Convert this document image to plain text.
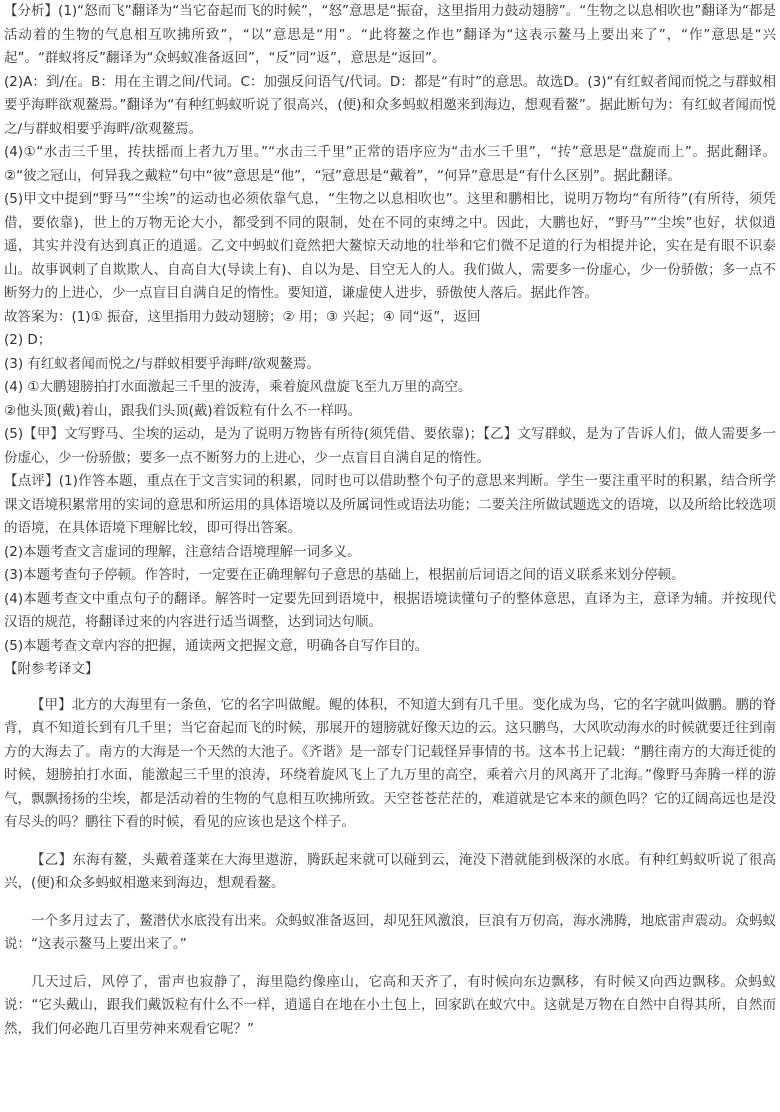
【分析】(1)“怒而飞”翻译为“当它奋起而飞的时候”，“怒”意思是“振奋，这里指用力鼓动翅膀”。“生物之以息相吹也”翻译为“都是活动着的生物的气息相互吹拂所致”，“以”意思是“用”。“此将鳌之作也”翻译为“这表示鳌马上要出来了”，“作”意思是“兴起”。“群蚁将反”翻译为“众蚂蚁准备返回”，“反”同“返”，意思是“返回”。

(2)A：到/在。B：用在主谓之间/代词。C：加强反问语气/代词。D：都是“有时”的意思。故选D。(3)“有红蚁者闻而悦之与群蚁相要乎海畔欲观鳌焉。”翻译为“有种红蚂蚁听说了很高兴，(便)和众多蚂蚁相邀来到海边，想观看鳌”。据此断句为：有红蚁者闻而悦之/与群蚁相要乎海畔/欲观鳌焉。

(4)①“水击三千里，抟扶摇而上者九万里。”“水击三千里”正常的语序应为“击水三千里”，“抟”意思是“盘旋而上”。据此翻译。②“彼之冠山，何异我之戴粒”句中“彼”意思是“他”，“冠”意思是“戴着”，“何异”意思是“有什么区别”。据此翻译。

(5)甲文中提到“野马”“尘埃”的运动也必须依靠气息，“生物之以息相吹也”。这里和鹏相比，说明万物均“有所待”(有所待，须凭借，要依靠)，世上的万物无论大小，都受到不同的限制，处在不同的束缚之中。因此，大鹏也好，“野马”“尘埃”也好，状似逍遥，其实并没有达到真正的逍遥。乙文中蚂蚁们竟然把大鳌惊天动地的壮举和它们微不足道的行为相提并论，实在是有眼不识泰山。故事讽刺了自欺欺人、自高自大(导读上有)、自以为是、目空无人的人。我们做人，需要多一份虚心，少一份骄傲；多一点不断努力的上进心，少一点盲目自满自足的惰性。要知道，谦虚使人进步，骄傲使人落后。据此作答。

故答案为：(1)① 振奋，这里指用力鼓动翅膀；② 用；③ 兴起；④ 同“返”，返回

(2) D；

(3) 有红蚁者闻而悦之/与群蚁相要乎海畔/欲观鳌焉。

(4) ①大鹏翅膀拍打水面激起三千里的波涛，乘着旋风盘旋飞至九万里的高空。

②他头顶(戴)着山，跟我们头顶(戴)着饭粒有什么不一样吗。

(5)【甲】文写野马、尘埃的运动，是为了说明万物皆有所待(须凭借、要依靠)；【乙】文写群蚁，是为了告诉人们，做人需要多一份虚心，少一份骄傲；要多一点不断努力的上进心，少一点盲目自满自足的惰性。

【点评】(1)作答本题，重点在于文言实词的积累，同时也可以借助整个句子的意思来判断。学生一要注重平时的积累，结合所学课文语境积累常用的实词的意思和所运用的具体语境以及所属词性或语法功能；二要关注所做试题选文的语境，以及所给比较选项的语境，在具体语境下理解比较，即可得出答案。

(2)本题考查文言虚词的理解，注意结合语境理解一词多义。

(3)本题考查句子停顿。作答时，一定要在正确理解句子意思的基础上，根据前后词语之间的语义联系来划分停顿。

(4)本题考查文中重点句子的翻译。解答时一定要先回到语境中，根据语境读懂句子的整体意思，直译为主，意译为辅。并按现代汉语的规范，将翻译过来的内容进行适当调整，达到词达句顺。

(5)本题考查文章内容的把握，通读两文把握文意，明确各自写作目的。

【附参考译文】

【甲】北方的大海里有一条鱼，它的名字叫做鲲。鲲的体积，不知道大到有几千里。变化成为鸟，它的名字就叫做鹏。鹏的脊背，真不知道长到有几千里；当它奋起而飞的时候，那展开的翅膀就好像天边的云。这只鹏鸟，大风吹动海水的时候就要迁往到南方的大海去了。南方的大海是一个天然的大池子。《齐谐》是一部专门记载怪异事情的书。这本书上记载：“鹏往南方的大海迁徙的时候，翅膀拍打水面，能激起三千里的浪涛，环绕着旋风飞上了九万里的高空，乘着六月的风离开了北海。”像野马奔腾一样的游气，飘飘扬扬的尘埃，都是活动着的生物的气息相互吹拂所致。天空苍苍茫茫的，难道就是它本来的颜色吗？它的辽阔高远也是没有尽头的吗？鹏往下看的时候，看见的应该也是这个样子。

【乙】东海有鳌，头戴着蓬莱在大海里遨游，腾跃起来就可以碰到云，淹没下潜就能到极深的水底。有种红蚂蚁听说了很高兴，(便)和众多蚂蚁相邀来到海边，想观看鳌。

一个多月过去了，鳌潜伏水底没有出来。众蚂蚁准备返回，却见狂风激浪，巨浪有万仞高，海水沸腾，地底雷声震动。众蚂蚁说：“这表示鳌马上要出来了。”

几天过后，风停了，雷声也寂静了，海里隐约像座山，它高和天齐了，有时候向东边飘移，有时候又向西边飘移。众蚂蚁说：“它头戴山，跟我们戴饭粒有什么不一样，逍遥自在地在小土包上，回家趴在蚁穴中。这就是万物在自然中自得其所，自然而然，我们何必跑几百里劳神来观看它呢？”
